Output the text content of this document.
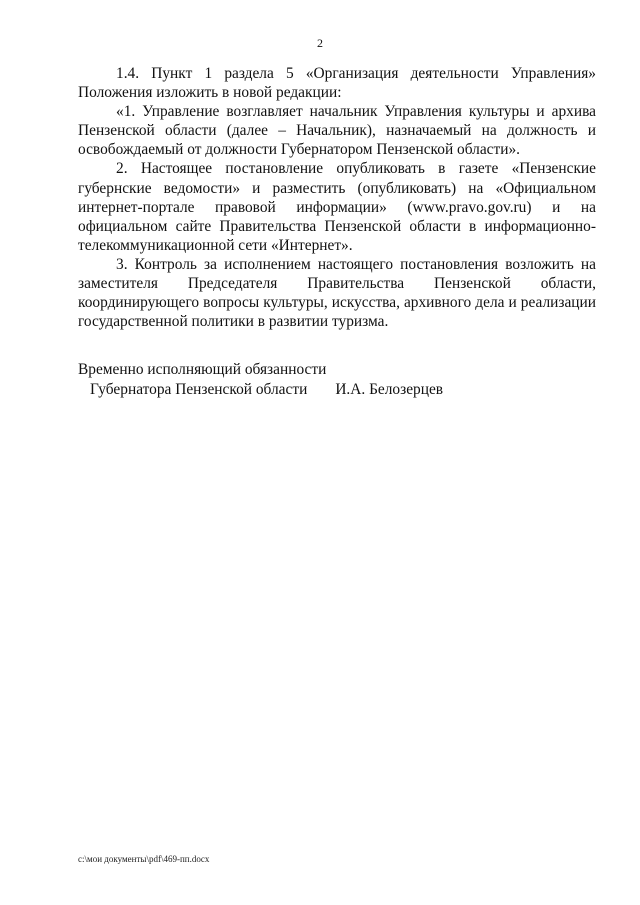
2

1.4. Пункт 1 раздела 5 «Организация деятельности Управления» Положения изложить в новой редакции:

«1. Управление возглавляет начальник Управления культуры и архива Пензенской области (далее – Начальник), назначаемый на должность и освобождаемый от должности Губернатором Пензенской области».

2. Настоящее постановление опубликовать в газете «Пензенские губернские ведомости» и разместить (опубликовать) на «Официальном интернет-портале правовой информации» (www.pravo.gov.ru) и на официальном сайте Правительства Пензенской области в информационно-телекоммуникационной сети «Интернет».

3. Контроль за исполнением настоящего постановления возложить на заместителя Председателя Правительства Пензенской области, координирующего вопросы культуры, искусства, архивного дела и реализации государственной политики в развитии туризма.

Временно исполняющий обязанности
Губернатора Пензенской области И.А. Белозерцев
c:\мои документы\pdf\469-пп.docx
